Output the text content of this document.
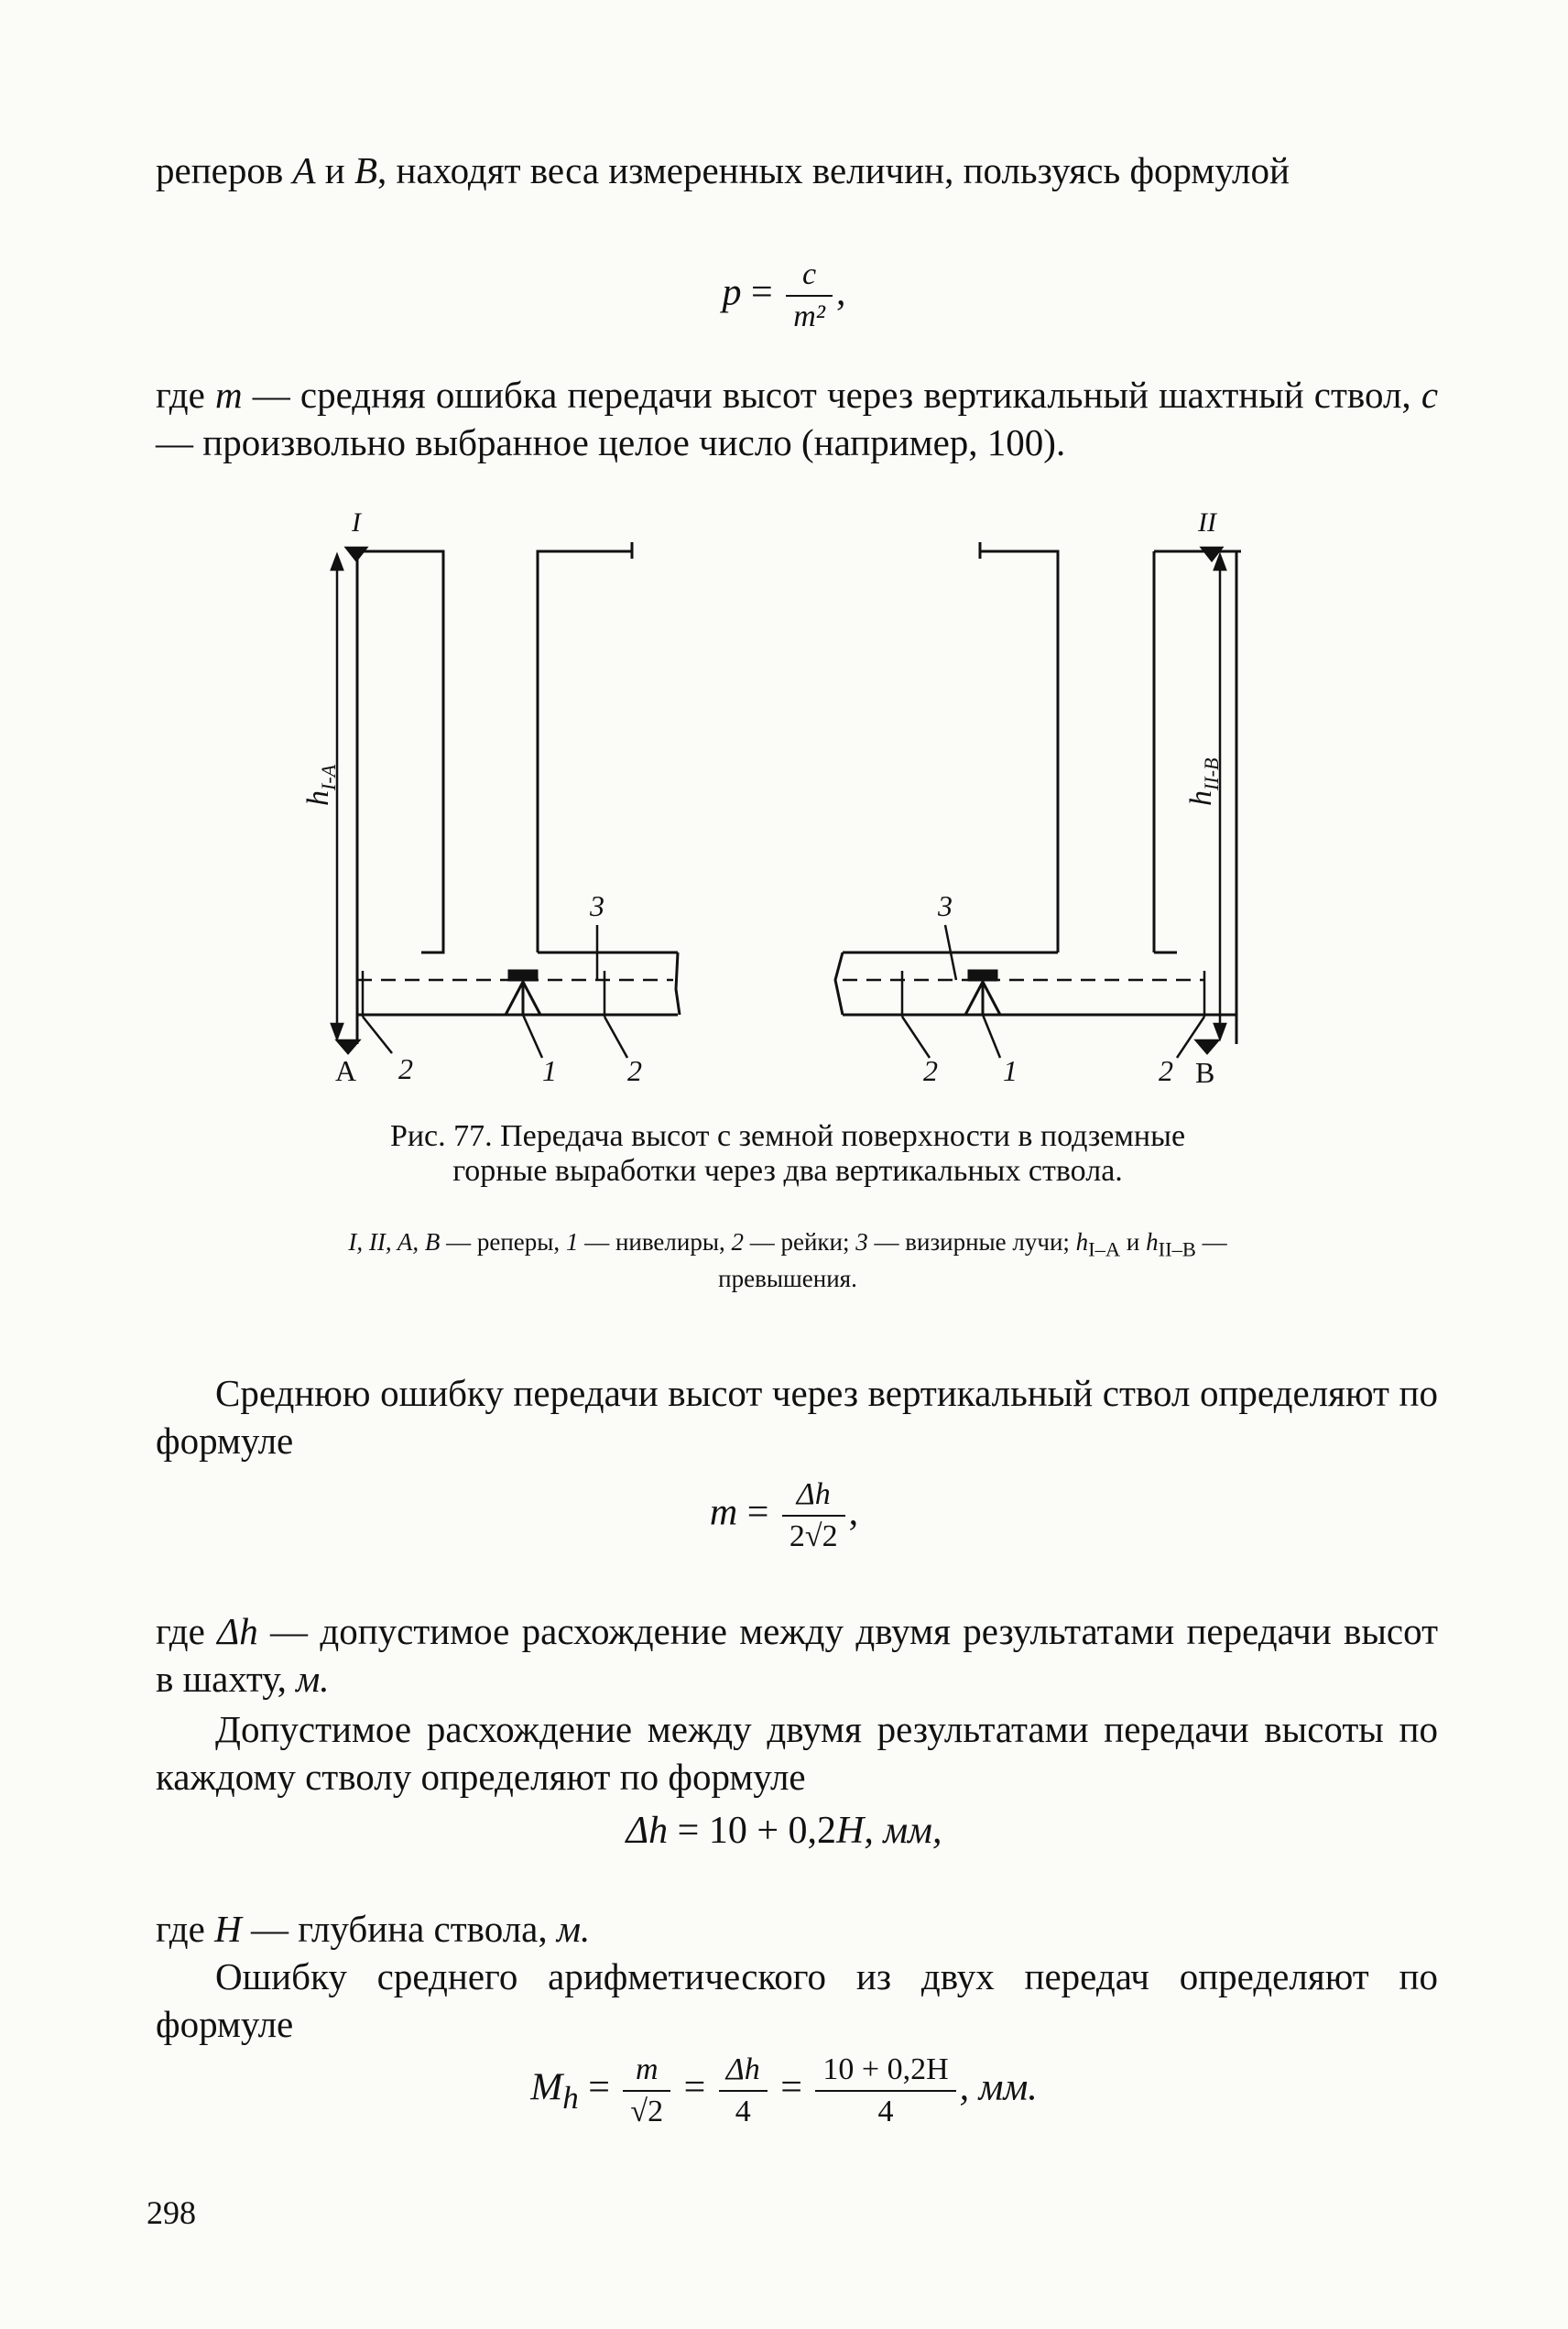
реперов A и B, находят веса измеренных величин, пользуясь формулой
$p = \frac{c}{\text{m²}}$ ,
где m — средняя ошибка передачи высот через вертикальный шахтный ствол, c — произвольно выбранное целое число (например, 100).
I	II
3	3
2	1 2	2 1	2
A	B
$h_{I-A}$
$h_{II-B}$
Рис. 77. Передача высот с земной поверхности в подземные горные выработки через два вертикальных ствола.
I, II, A, B — реперы, 1 — нивелиры, 2 — рейки; 3 — визирные лучи; $h_{I-A}$ и $h_{II-B}$ — превышения.
Среднюю ошибку передачи высот через вертикальный ствол определяют по формуле
$m = \frac{\Delta h}{2√2}$ ,
где Δh — допустимое расхождение между двумя результатами передачи высот в шахту, м.
Допустимое расхождение между двумя результатами передачи высоты по каждому стволу определяют по формуле
Δh = 10 + 0,2H, мм,
где H — глубина ствола, м.
Ошибку среднего арифметического из двух передач определяют по формуле
$M_h = \frac{m}{√2} = \frac{\Delta h}{4} = \frac{10 + 0,2H}{4}$ , мм.
298
